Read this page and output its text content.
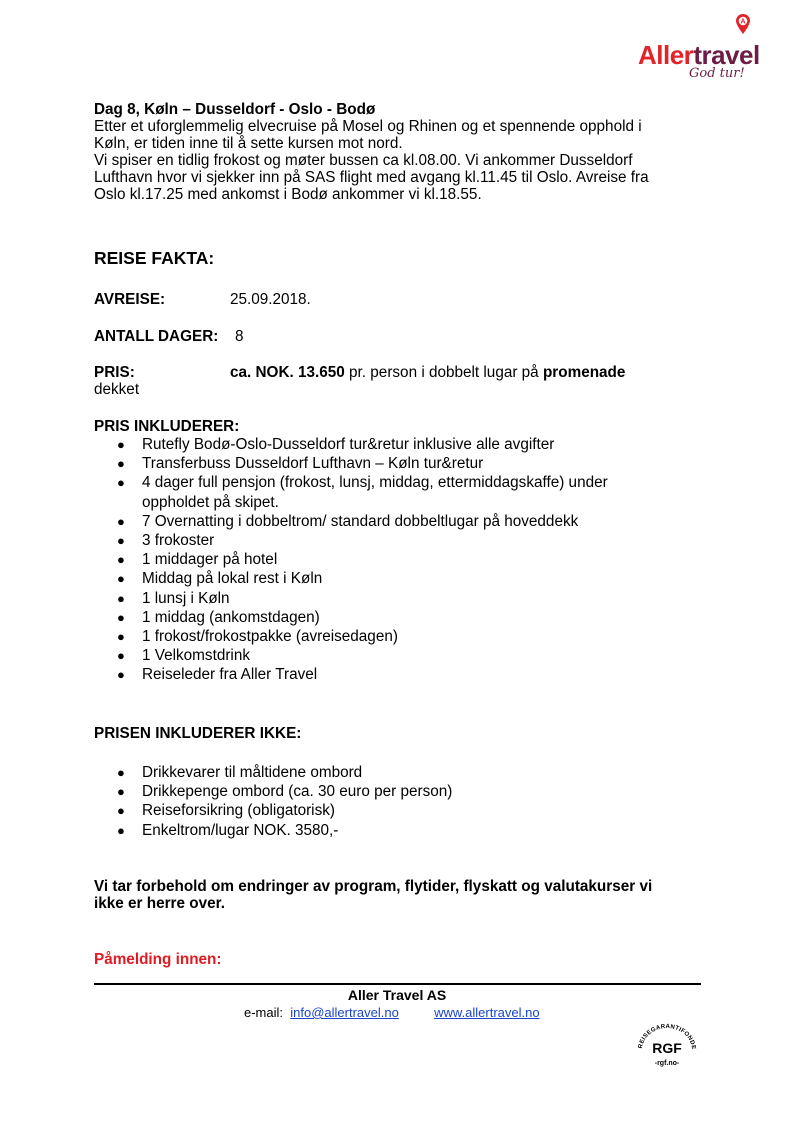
A
Allertravel
God tur!
Dag 8, Køln – Dusseldorf - Oslo - Bodø
Etter et uforglemmelig elvecruise på Mosel og Rhinen og et spennende opphold i
Køln, er tiden inne til å sette kursen mot nord.
Vi spiser en tidlig frokost og møter bussen ca kl.08.00. Vi ankommer Dusseldorf
Lufthavn hvor vi sjekker inn på SAS flight med avgang kl.11.45 til Oslo. Avreise fra
Oslo kl.17.25 med ankomst i Bodø ankommer vi kl.18.55.
REISE FAKTA:
AVREISE:	25.09.2018.
ANTALL DAGER: 8
PRIS:	ca. NOK. 13.650 pr. person i dobbelt lugar på promenade
dekket
PRIS INKLUDERER:
● Rutefly Bodø-Oslo-Dusseldorf tur&retur inklusive alle avgifter
● Transferbuss Dusseldorf Lufthavn – Køln tur&retur
● 4 dager full pensjon (frokost, lunsj, middag, ettermiddagskaffe) under
oppholdet på skipet.
● 7 Overnatting i dobbeltrom/ standard dobbeltlugar på hoveddekk
● 3 frokoster
● 1 middager på hotel
● Middag på lokal rest i Køln
● 1 lunsj i Køln
● 1 middag (ankomstdagen)
● 1 frokost/frokostpakke (avreisedagen)
● 1 Velkomstdrink
● Reiseleder fra Aller Travel
PRISEN INKLUDERER IKKE:
● Drikkevarer til måltidene ombord
● Drikkepenge ombord (ca. 30 euro per person)
● Reiseforsikring (obligatorisk)
● Enkeltrom/lugar NOK. 3580,-
Vi tar forbehold om endringer av program, flytider, flyskatt og valutakurser vi
ikke er herre over.
Påmelding innen:
Aller Travel AS
e-mail: info@allertravel.no	www.allertravel.no
REISEGARANTIFONDE
RGF
-rgf.no-
